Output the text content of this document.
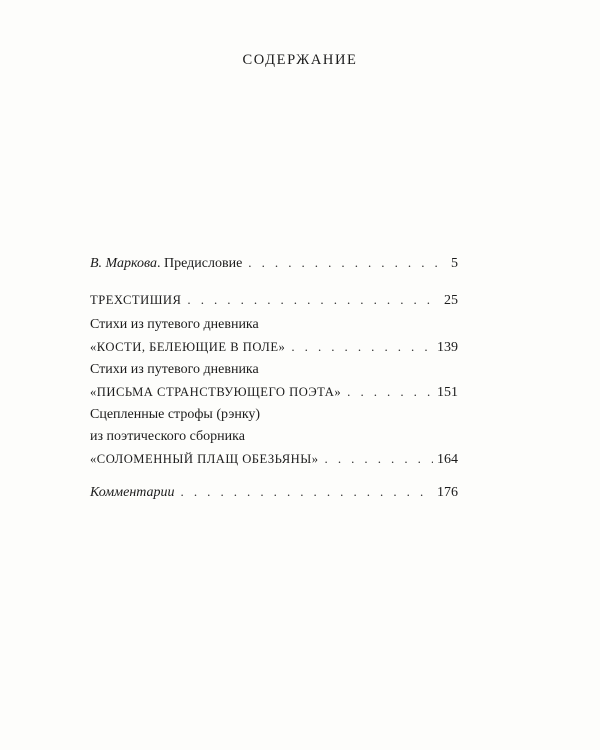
СОДЕРЖАНИЕ
В. Маркова . Предисловие . . .	5
ТРЕХСТИШИЯ . . .	25
Стихи из путевого дневника
«КОСТИ, БЕЛЕЮЩИЕ В ПОЛЕ» . . .	139
Стихи из путевого дневника
«ПИСЬМА СТРАНСТВУЮЩЕГО ПОЭТА» . . .	151
Сцепленные строфы (рэнку)
из поэтического сборника
«СОЛОМЕННЫЙ ПЛАЩ ОБЕЗЬЯНЫ» . . .	164
Комментарии . . .	176
